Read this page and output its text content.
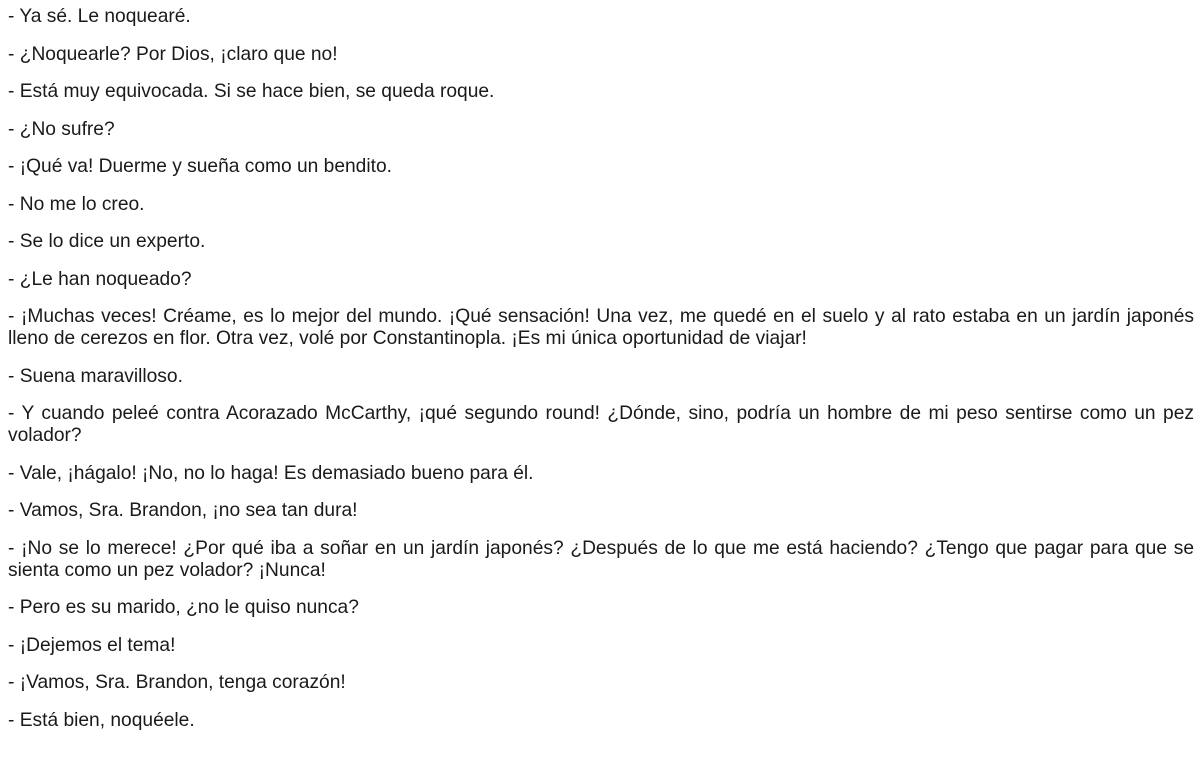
- Ya sé. Le noquearé.

- ¿Noquearle? Por Dios, ¡claro que no!

- Está muy equivocada. Si se hace bien, se queda roque.

- ¿No sufre?

- ¡Qué va! Duerme y sueña como un bendito.

- No me lo creo.

- Se lo dice un experto.

- ¿Le han noqueado?

- ¡Muchas veces! Créame, es lo mejor del mundo. ¡Qué sensación! Una vez, me quedé en el suelo y al rato estaba en un jardín japonés lleno de cerezos en flor. Otra vez, volé por Constantinopla. ¡Es mi única oportunidad de viajar!

- Suena maravilloso.

- Y cuando peleé contra Acorazado McCarthy, ¡qué segundo round! ¿Dónde, sino, podría un hombre de mi peso sentirse como un pez volador?

- Vale, ¡hágalo! ¡No, no lo haga! Es demasiado bueno para él.

- Vamos, Sra. Brandon, ¡no sea tan dura!

- ¡No se lo merece! ¿Por qué iba a soñar en un jardín japonés? ¿Después de lo que me está haciendo? ¿Tengo que pagar para que se sienta como un pez volador? ¡Nunca!

- Pero es su marido, ¿no le quiso nunca?

- ¡Dejemos el tema!

- ¡Vamos, Sra. Brandon, tenga corazón!

- Está bien, noquéele.
